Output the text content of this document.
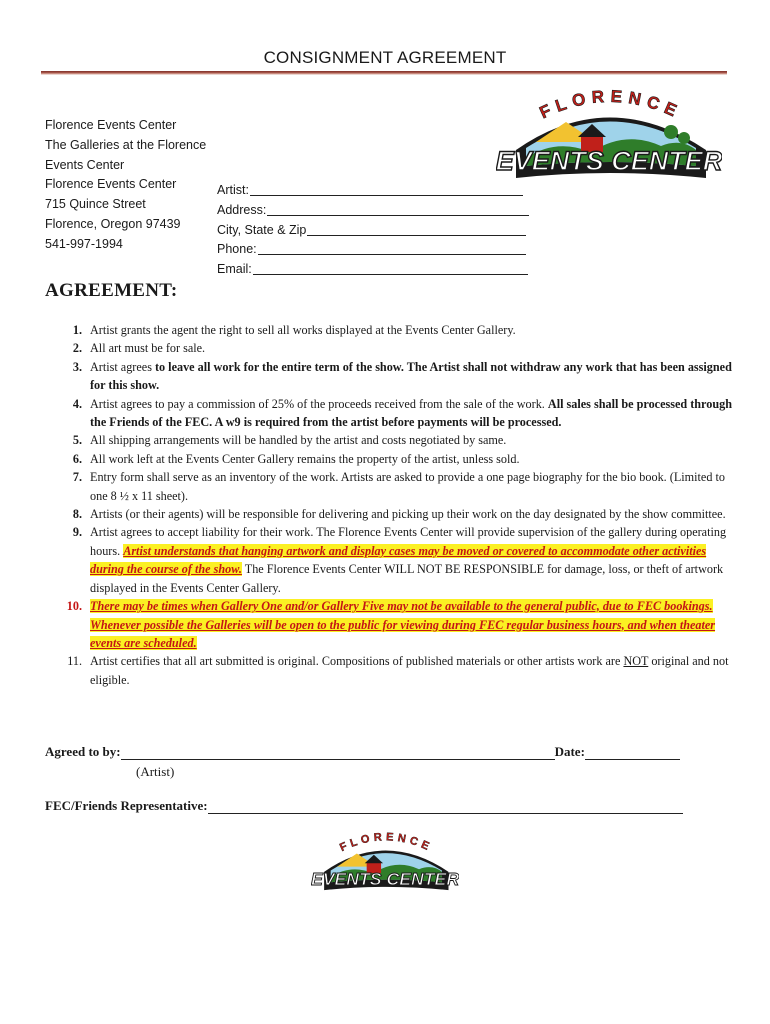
CONSIGNMENT AGREEMENT
FLORENCE
EVENTS CENTER
Florence Events Center
The Galleries at the Florence
Events Center
Florence Events Center
715 Quince Street
Florence, Oregon 97439
541-997-1994
Artist:
Address:
City, State & Zip
Phone:
Email:
AGREEMENT:
1. Artist grants the agent the right to sell all works displayed at the Events Center Gallery.
2. All art must be for sale.
3. Artist agrees to leave all work for the entire term of the show. The Artist shall not withdraw any work that has been assigned for this show.
4. Artist agrees to pay a commission of 25% of the proceeds received from the sale of the work. All sales shall be processed through the Friends of the FEC. A w9 is required from the artist before payments will be processed.
5. All shipping arrangements will be handled by the artist and costs negotiated by same.
6. All work left at the Events Center Gallery remains the property of the artist, unless sold.
7. Entry form shall serve as an inventory of the work. Artists are asked to provide a one page biography for the bio book. (Limited to one 8 ½ x 11 sheet).
8. Artists (or their agents) will be responsible for delivering and picking up their work on the day designated by the show committee.
9. Artist agrees to accept liability for their work. The Florence Events Center will provide supervision of the gallery during operating hours. Artist understands that hanging artwork and display cases may be moved or covered to accommodate other activities during the course of the show. The Florence Events Center WILL NOT BE RESPONSIBLE for damage, loss, or theft of artwork displayed in the Events Center Gallery.
10. There may be times when Gallery One and/or Gallery Five may not be available to the general public, due to FEC bookings. Whenever possible the Galleries will be open to the public for viewing during FEC regular business hours, and when theater events are scheduled.
11. Artist certifies that all art submitted is original. Compositions of published materials or other artists work are NOT original and not eligible.
Agreed to by:	Date:
(Artist)
FEC/Friends Representative:
FLORENCE
EVENTS CENTER
